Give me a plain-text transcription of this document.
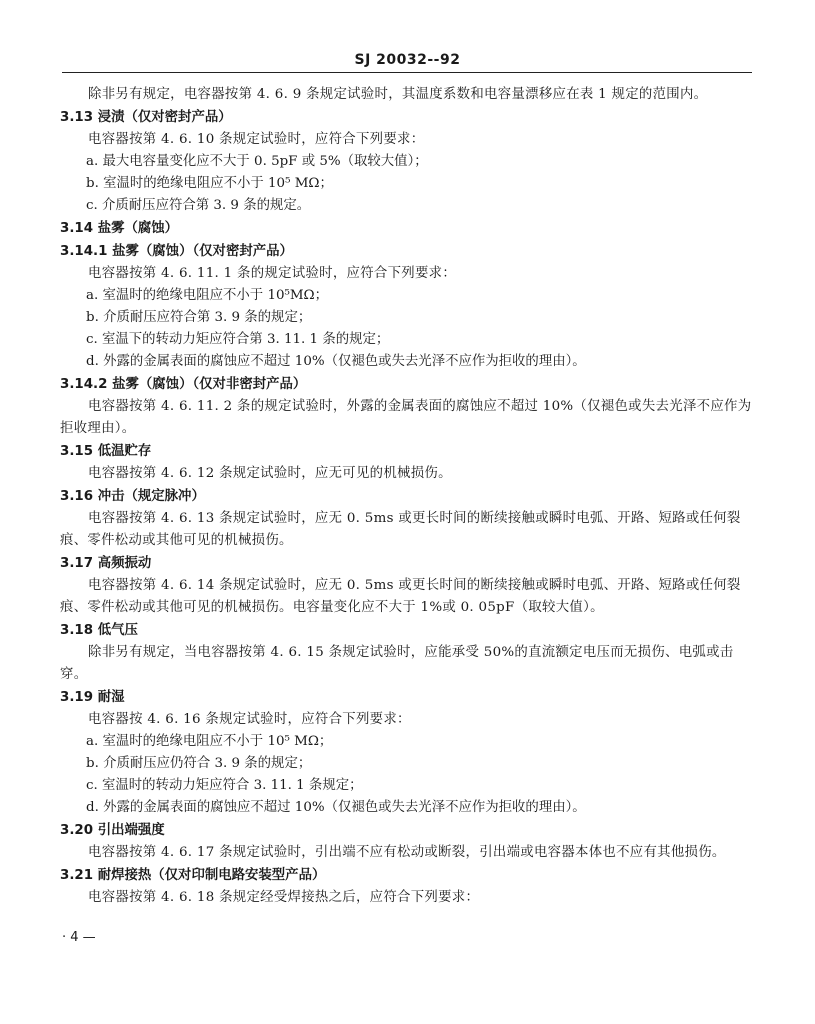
SJ 20032--92

除非另有规定，电容器按第 4. 6. 9 条规定试验时，其温度系数和电容量漂移应在表 1 规定的范围内。

3.13 浸渍（仅对密封产品）

电容器按第 4. 6. 10 条规定试验时，应符合下列要求：

a. 最大电容量变化应不大于 0. 5pF 或 5%（取较大值）；

b. 室温时的绝缘电阻应不小于 10⁵ MΩ；

c. 介质耐压应符合第 3. 9 条的规定。

3.14 盐雾（腐蚀）

3.14.1 盐雾（腐蚀）（仅对密封产品）

电容器按第 4. 6. 11. 1 条的规定试验时，应符合下列要求：

a. 室温时的绝缘电阻应不小于 10⁵MΩ；

b. 介质耐压应符合第 3. 9 条的规定；

c. 室温下的转动力矩应符合第 3. 11. 1 条的规定；

d. 外露的金属表面的腐蚀应不超过 10%（仅褪色或失去光泽不应作为拒收的理由）。

3.14.2 盐雾（腐蚀）（仅对非密封产品）

电容器按第 4. 6. 11. 2 条的规定试验时，外露的金属表面的腐蚀应不超过 10%（仅褪色或失去光泽不应作为拒收理由）。

3.15 低温贮存

电容器按第 4. 6. 12 条规定试验时，应无可见的机械损伤。

3.16 冲击（规定脉冲）

电容器按第 4. 6. 13 条规定试验时，应无 0. 5ms 或更长时间的断续接触或瞬时电弧、开路、短路或任何裂痕、零件松动或其他可见的机械损伤。

3.17 高频振动

电容器按第 4. 6. 14 条规定试验时，应无 0. 5ms 或更长时间的断续接触或瞬时电弧、开路、短路或任何裂痕、零件松动或其他可见的机械损伤。电容量变化应不大于 1%或 0. 05pF（取较大值）。

3.18 低气压

除非另有规定，当电容器按第 4. 6. 15 条规定试验时，应能承受 50%的直流额定电压而无损伤、电弧或击穿。

3.19 耐湿

电容器按 4. 6. 16 条规定试验时，应符合下列要求：

a. 室温时的绝缘电阻应不小于 10⁵ MΩ；

b. 介质耐压应仍符合 3. 9 条的规定；

c. 室温时的转动力矩应符合 3. 11. 1 条规定；

d. 外露的金属表面的腐蚀应不超过 10%（仅褪色或失去光泽不应作为拒收的理由）。

3.20 引出端强度

电容器按第 4. 6. 17 条规定试验时，引出端不应有松动或断裂，引出端或电容器本体也不应有其他损伤。

3.21 耐焊接热（仅对印制电路安装型产品）

电容器按第 4. 6. 18 条规定经受焊接热之后，应符合下列要求：

· 4 —
